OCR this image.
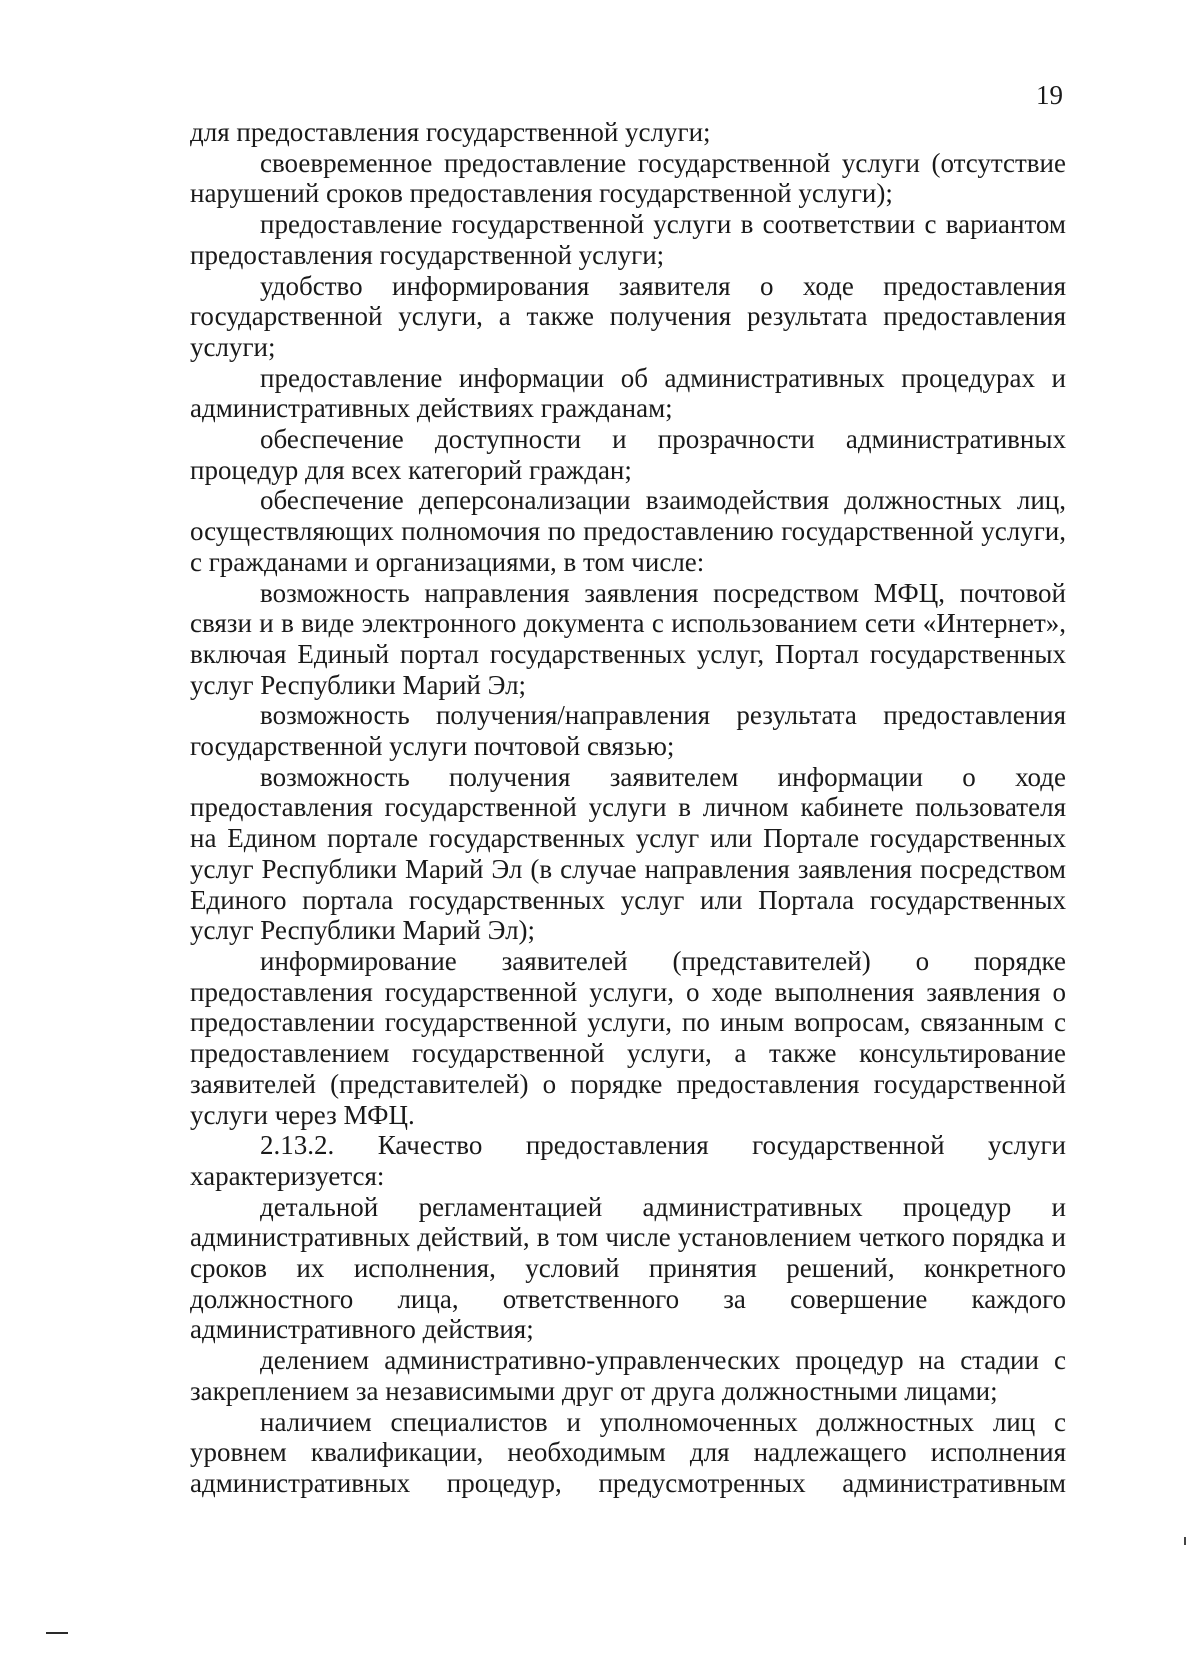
19

для предоставления государственной услуги;

своевременное предоставление государственной услуги (отсутствие нарушений сроков предоставления государственной услуги);

предоставление государственной услуги в соответствии с вариантом предоставления государственной услуги;

удобство информирования заявителя о ходе предоставления государственной услуги, а также получения результата предоставления услуги;

предоставление информации об административных процедурах и административных действиях гражданам;

обеспечение доступности и прозрачности административных процедур для всех категорий граждан;

обеспечение деперсонализации взаимодействия должностных лиц, осуществляющих полномочия по предоставлению государственной услуги, с гражданами и организациями, в том числе:

возможность направления заявления посредством МФЦ, почтовой связи и в виде электронного документа с использованием сети «Интернет», включая Единый портал государственных услуг, Портал государственных услуг Республики Марий Эл;

возможность получения/направления результата предоставления государственной услуги почтовой связью;

возможность получения заявителем информации о ходе предоставления государственной услуги в личном кабинете пользователя на Едином портале государственных услуг или Портале государственных услуг Республики Марий Эл (в случае направления заявления посредством Единого портала государственных услуг или Портала государственных услуг Республики Марий Эл);

информирование заявителей (представителей) о порядке предоставления государственной услуги, о ходе выполнения заявления о предоставлении государственной услуги, по иным вопросам, связанным с предоставлением государственной услуги, а также консультирование заявителей (представителей) о порядке предоставления государственной услуги через МФЦ.

2.13.2. Качество предоставления государственной услуги характеризуется:

детальной регламентацией административных процедур и административных действий, в том числе установлением четкого порядка и сроков их исполнения, условий принятия решений, конкретного должностного лица, ответственного за совершение каждого административного действия;

делением административно-управленческих процедур на стадии с закреплением за независимыми друг от друга должностными лицами;

наличием специалистов и уполномоченных должностных лиц с уровнем квалификации, необходимым для надлежащего исполнения административных процедур, предусмотренных административным
